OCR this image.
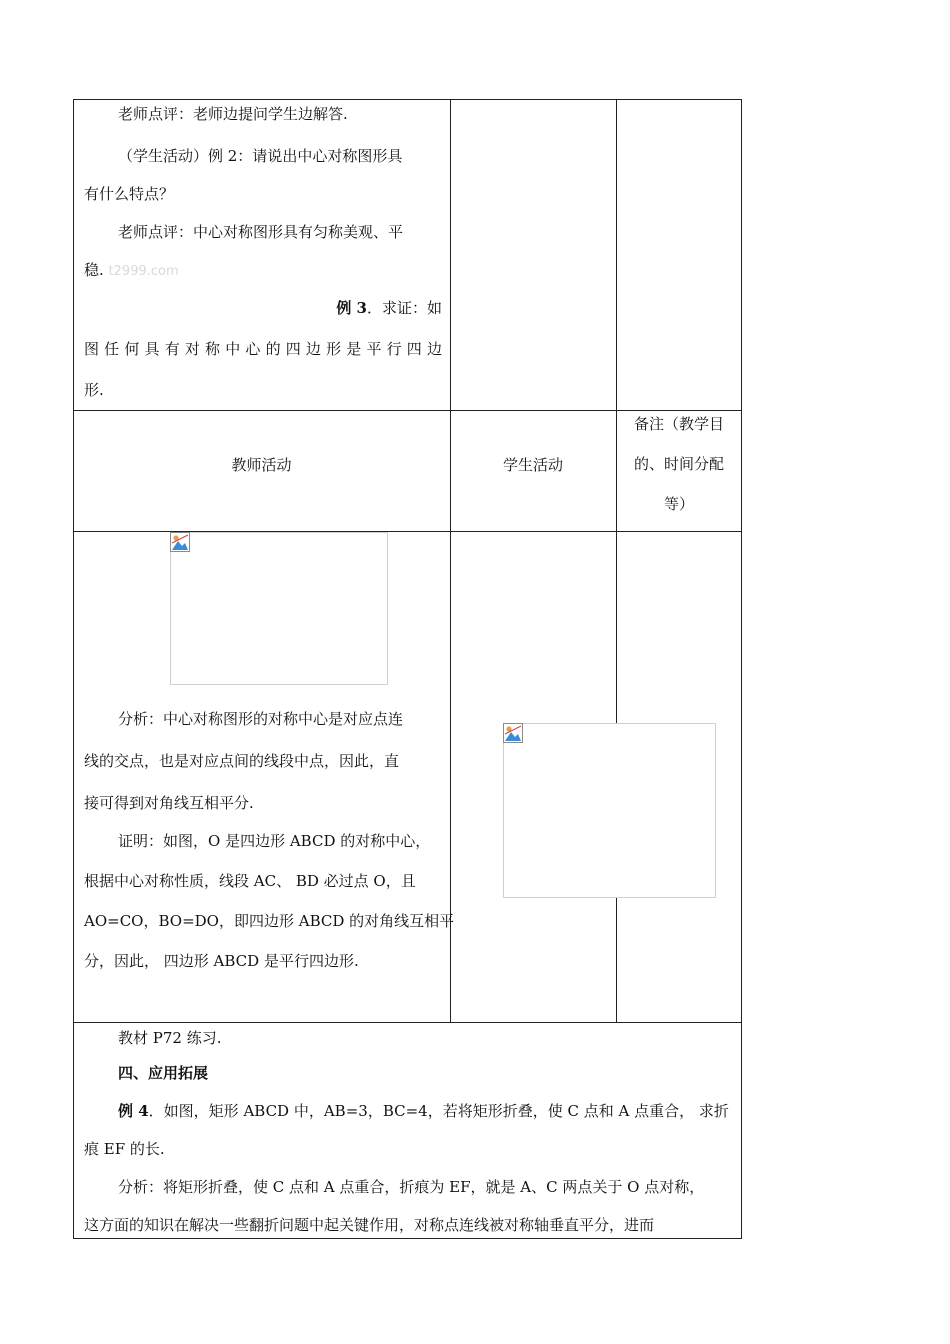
老师点评：老师边提问学生边解答.

（学生活动）例 2：请说出中心对称图形具

有什么特点？

老师点评：中心对称图形具有匀称美观、平

稳. t2999.com

例 3．求证：如

图任何具有对称中心的四边形是平行四边

形.

教师活动	学生活动
备注（教学目
的、时间分配
等）

分析：中心对称图形的对称中心是对应点连

线的交点，也是对应点间的线段中点，因此，直

接可得到对角线互相平分.

证明：如图，O 是四边形 ABCD 的对称中心，

根据中心对称性质，线段 AC、 BD 必过点 O，且

AO=CO，BO=DO，即四边形 ABCD 的对角线互相平

分，因此， 四边形 ABCD 是平行四边形.

教材 P72 练习.

四、应用拓展

例 4．如图，矩形 ABCD 中，AB=3，BC=4，若将矩形折叠，使 C 点和 A 点重合， 求折

痕 EF 的长.

分析：将矩形折叠，使 C 点和 A 点重合，折痕为 EF，就是 A、C 两点关于 O 点对称，

这方面的知识在解决一些翻折问题中起关键作用，对称点连线被对称轴垂直平分，进而
